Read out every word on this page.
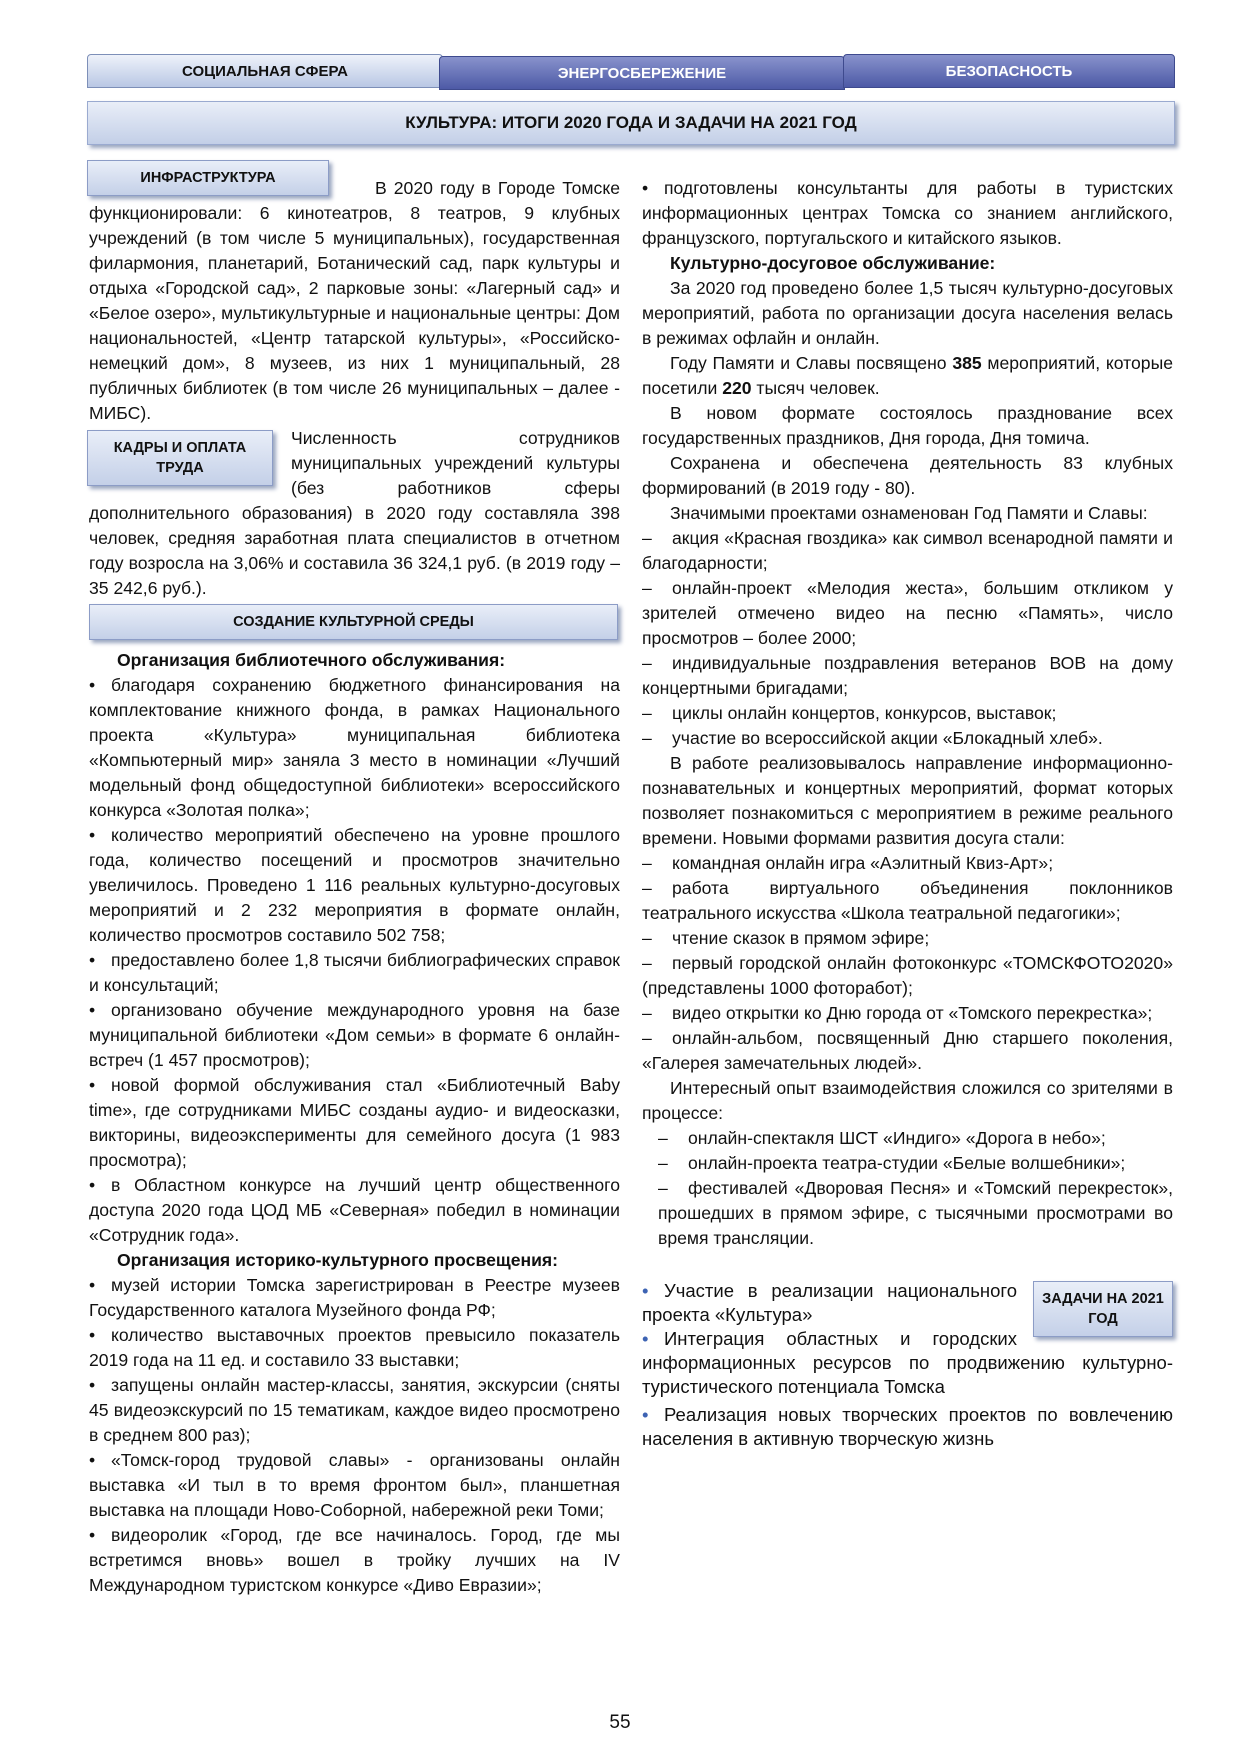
СОЦИАЛЬНАЯ СФЕРА	ЭНЕРГОСБЕРЕЖЕНИЕ	БЕЗОПАСНОСТЬ
КУЛЬТУРА: ИТОГИ 2020 ГОДА И ЗАДАЧИ НА 2021 ГОД
ИНФРАСТРУКТУРА	В 2020 году в Городе Томске функционировали: 6 кинотеатров, 8 театров, 9 клубных учреждений (в том числе 5 муниципальных), государственная филармония, планетарий, Ботанический сад, парк культуры и отдыха «Городской сад», 2 парковые зоны: «Лагерный сад» и «Белое озеро», мультикультурные и национальные центры: Дом национальностей, «Центр татарской культуры», «Российско-немецкий дом», 8 музеев, из них 1 муниципальный, 28 публичных библиотек (в том числе 26 муниципальных – далее - МИБС).

КАДРЫ И ОПЛАТА ТРУДА

Численность сотрудников муниципальных учреждений культуры (без работников сферы дополнительного образования) в 2020 году составляла 398 человек, средняя заработная плата специалистов в отчетном году возросла на 3,06% и составила 36 324,1 руб. (в 2019 году – 35 242,6 руб.).

СОЗДАНИЕ КУЛЬТУРНОЙ СРЕДЫ

Организация библиотечного обслуживания:

• благодаря сохранению бюджетного финансирования на комплектование книжного фонда, в рамках Национального проекта «Культура» муниципальная библиотека «Компьютерный мир» заняла 3 место в номинации «Лучший модельный фонд общедоступной библиотеки» всероссийского конкурса «Золотая полка»;

• количество мероприятий обеспечено на уровне прошлого года, количество посещений и просмотров значительно увеличилось. Проведено 1 116 реальных культурно-досуговых мероприятий и 2 232 мероприятия в формате онлайн, количество просмотров составило 502 758;

• предоставлено более 1,8 тысячи библиографических справок и консультаций;

• организовано обучение международного уровня на базе муниципальной библиотеки «Дом семьи» в формате 6 онлайн-встреч (1 457 просмотров);

• новой формой обслуживания стал «Библиотечный Baby time», где сотрудниками МИБС созданы аудио- и видеосказки, викторины, видеоэксперименты для семейного досуга (1 983 просмотра);

• в Областном конкурсе на лучший центр общественного доступа 2020 года ЦОД МБ «Северная» победил в номинации «Сотрудник года».

Организация историко-культурного просвещения:

• музей истории Томска зарегистрирован в Реестре музеев Государственного каталога Музейного фонда РФ;

• количество выставочных проектов превысило показатель 2019 года на 11 ед. и составило 33 выставки;

• запущены онлайн мастер-классы, занятия, экскурсии (сняты 45 видеоэкскурсий по 15 тематикам, каждое видео просмотрено в среднем 800 раз);

• «Томск-город трудовой славы» - организованы онлайн выставка «И тыл в то время фронтом был», планшетная выставка на площади Ново-Соборной, набережной реки Томи;

• видеоролик «Город, где все начиналось. Город, где мы встретимся вновь» вошел в тройку лучших на IV Международном туристском конкурсе «Диво Евразии»;

• подготовлены консультанты для работы в туристских информационных центрах Томска со знанием английского, французского, португальского и китайского языков.

Культурно-досуговое обслуживание:

За 2020 год проведено более 1,5 тысяч культурно-досуговых мероприятий, работа по организации досуга населения велась в режимах офлайн и онлайн.

Году Памяти и Славы посвящено 385 мероприятий, которые посетили 220 тысяч человек.

В новом формате состоялось празднование всех государственных праздников, Дня города, Дня томича.

Сохранена и обеспечена деятельность 83 клубных формирований (в 2019 году - 80).

Значимыми проектами ознаменован Год Памяти и Славы:

– акция «Красная гвоздика» как символ всенародной памяти и благодарности;

– онлайн-проект «Мелодия жеста», большим откликом у зрителей отмечено видео на песню «Память», число просмотров – более 2000;

– индивидуальные поздравления ветеранов ВОВ на дому концертными бригадами;

– циклы онлайн концертов, конкурсов, выставок;

– участие во всероссийской акции «Блокадный хлеб».

В работе реализовывалось направление информационно-познавательных и концертных мероприятий, формат которых позволяет познакомиться с мероприятием в режиме реального времени. Новыми формами развития досуга стали:

– командная онлайн игра «Аэлитный Квиз-Арт»;

– работа виртуального объединения поклонников театрального искусства «Школа театральной педагогики»;

– чтение сказок в прямом эфире;

– первый городской онлайн фотоконкурс «ТОМСКФОТО2020» (представлены 1000 фоторабот);

– видео открытки ко Дню города от «Томского перекрестка»;

– онлайн-альбом, посвященный Дню старшего поколения, «Галерея замечательных людей».

Интересный опыт взаимодействия сложился со зрителями в процессе:

– онлайн-спектакля ШСТ «Индиго» «Дорога в небо»;

– онлайн-проекта театра-студии «Белые волшебники»;

– фестивалей «Дворовая Песня» и «Томский перекресток», прошедших в прямом эфире, с тысячными просмотрами во время трансляции.

ЗАДАЧИ НА 2021 ГОД

• Участие в реализации национального проекта «Культура»

• Интеграция областных и городских информационных ресурсов по продвижению культурно-туристического потенциала Томска

• Реализация новых творческих проектов по вовлечению населения в активную творческую жизнь

55
